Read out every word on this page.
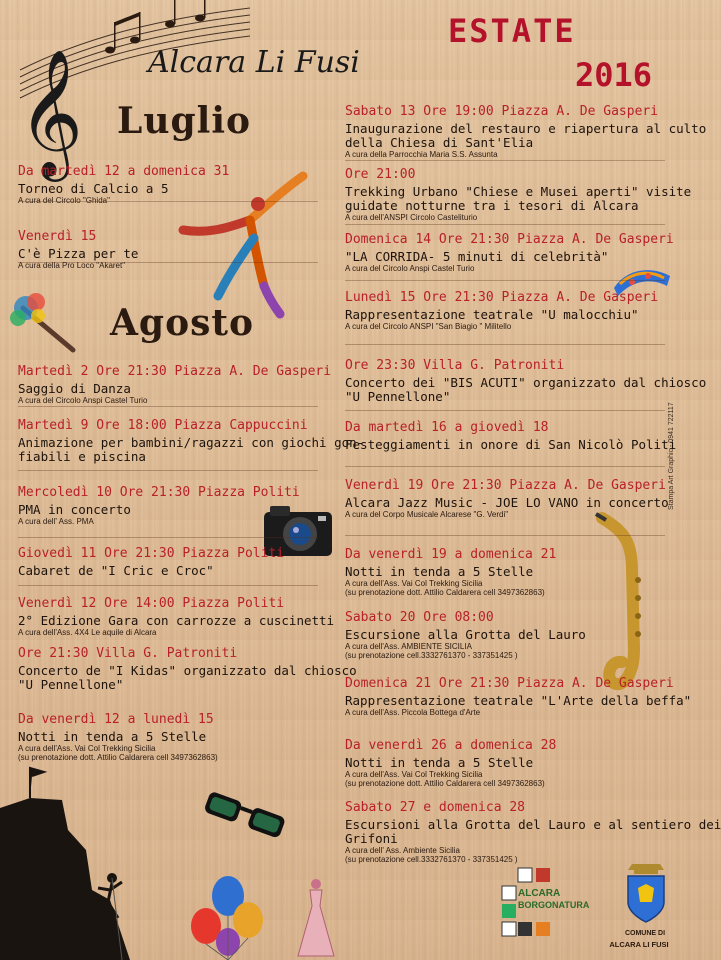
𝄞 Alcara Li Fusi
ESTATE
2016
Luglio
Agosto
Da martedì 12 a domenica 31
Torneo di Calcio a 5
A cura del Circolo "Ghida"
Venerdì 15
C'è Pizza per te
A cura della Pro Loco "Akaret"
Martedì 2 Ore 21:30 Piazza A. De Gasperi
Saggio di Danza
A cura del Circolo Anspi Castel Turio
Martedì 9 Ore 18:00 Piazza Cappuccini
Animazione per bambini/ragazzi con giochi gon-
fiabili e piscina
Mercoledì 10 Ore 21:30 Piazza Politi
PMA in concerto
A cura dell' Ass. PMA
Giovedì 11 Ore 21:30 Piazza Politi
Cabaret de "I Cric e Croc"
Venerdì 12 Ore 14:00 Piazza Politi
2° Edizione Gara con carrozze a cuscinetti
A cura dell'Ass. 4X4 Le aquile di Alcara
Ore 21:30 Villa G. Patroniti
Concerto de "I Kidas" organizzato dal chiosco
"U Pennellone"
Da venerdì 12 a lunedì 15
Notti in tenda a 5 Stelle
A cura dell'Ass. Vai Col Trekking Sicilia
(su prenotazione dott. Attilio Caldarera cell 3497362863)
Sabato 13 Ore 19:00 Piazza A. De Gasperi
Inaugurazione del restauro e riapertura al culto
della Chiesa di Sant'Elia
A cura della Parrocchia Maria S.S. Assunta
Ore 21:00
Trekking Urbano "Chiese e Musei aperti" visite
guidate notturne tra i tesori di Alcara
A cura dell'ANSPI Circolo Casteliturio
Domenica 14 Ore 21:30 Piazza A. De Gasperi
"LA CORRIDA- 5 minuti di celebrità"
A cura del Circolo Anspi Castel Turio
Lunedì 15 Ore 21:30 Piazza A. De Gasperi
Rappresentazione teatrale "U malocchiu"
A cura del Circolo ANSPI "San Biagio " Militello
Ore 23:30 Villa G. Patroniti
Concerto dei "BIS ACUTI" organizzato dal chiosco
"U Pennellone"
Da martedì 16 a giovedì 18
Festeggiamenti in onore di San Nicolò Politi
Venerdì 19 Ore 21:30 Piazza A. De Gasperi
Alcara Jazz Music - JOE LO VANO in concerto
A cura del Corpo Musicale Alcarese "G. Verdi"
Da venerdì 19 a domenica 21
Notti in tenda a 5 Stelle
A cura dell'Ass. Vai Col Trekking Sicilia
(su prenotazione dott. Attilio Caldarera cell 3497362863)
Sabato 20 Ore 08:00
Escursione alla Grotta del Lauro
A cura dell'Ass. AMBIENTE SICILIA
(su prenotazione cell.3332761370 - 337351425 )
Domenica 21 Ore 21:30 Piazza A. De Gasperi
Rappresentazione teatrale "L'Arte della beffa"
A cura dell'Ass. Piccola Bottega d'Arte
Da venerdì 26 a domenica 28
Notti in tenda a 5 Stelle
A cura dell'Ass. Vai Col Trekking Sicilia
(su prenotazione dott. Attilio Caldarera cell 3497362863)
Sabato 27 e domenica 28
Escursioni alla Grotta del Lauro e al sentiero dei
Grifoni
A cura dell' Ass. Ambiente Sicilia
(su prenotazione cell.3332761370 - 337351425 )
ALCARA
BORGONATURA
COMUNE DI
ALCARA LI FUSI
Stampa Art Graphic - 0941 722117
